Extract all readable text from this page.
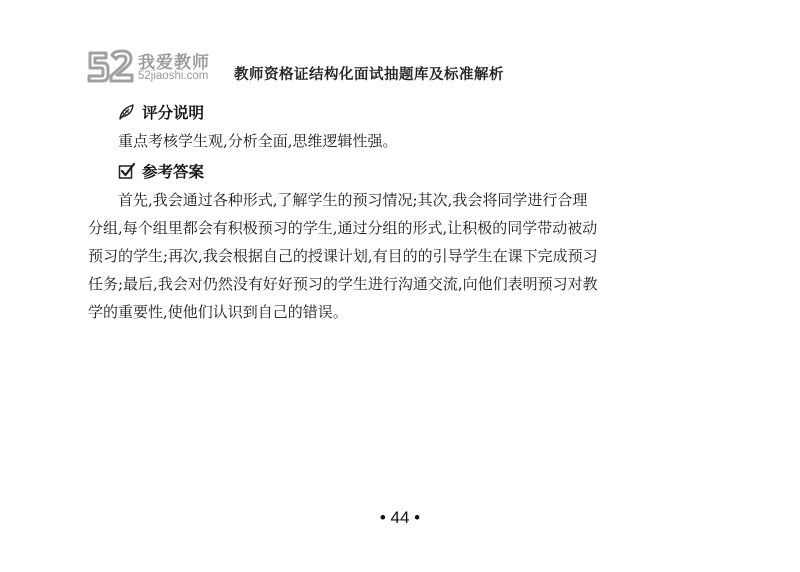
我爱教师
52jiaoshi.com 教师资格证结构化面试抽题库及标准解析
评分说明
重点考核学生观,分析全面,思维逻辑性强。
参考答案
首先,我会通过各种形式,了解学生的预习情况;其次,我会将同学进行合理
分组,每个组里都会有积极预习的学生,通过分组的形式,让积极的同学带动被动
预习的学生;再次,我会根据自己的授课计划,有目的的引导学生在课下完成预习
任务;最后,我会对仍然没有好好预习的学生进行沟通交流,向他们表明预习对教
学的重要性,使他们认识到自己的错误。
• 44 •
